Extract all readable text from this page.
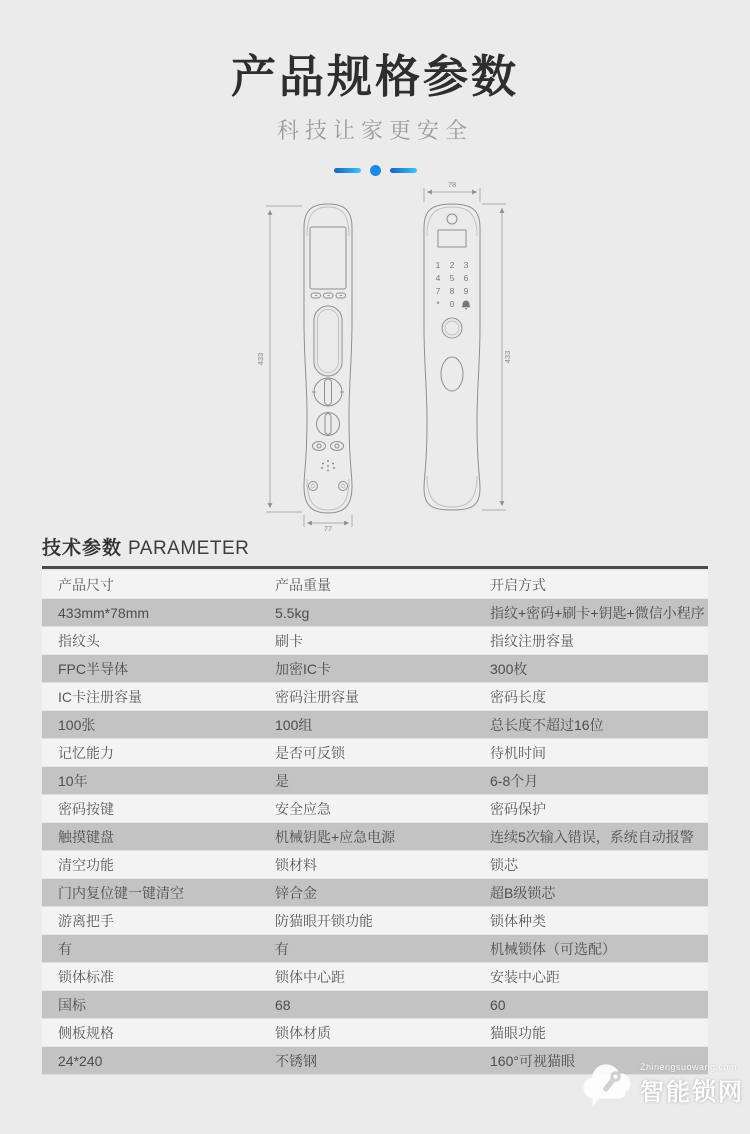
产品规格参数
科技让家更安全
1 2 3
4 5 6
7 8 9
* 0
433
77
78
433
技术参数 PARAMETER
产品尺寸	产品重量	开启方式
433mm*78mm	5.5kg	指纹+密码+刷卡+钥匙+微信小程序
指纹头	刷卡	指纹注册容量
FPC半导体	加密IC卡	300枚
IC卡注册容量	密码注册容量	密码长度
100张	100组	总长度不超过16位
记忆能力	是否可反锁	待机时间
10年	是	6-8个月
密码按键	安全应急	密码保护
触摸键盘	机械钥匙+应急电源	连续5次输入错误，系统自动报警
清空功能	锁材料	锁芯
门内复位键一键清空	锌合金	超B级锁芯
游离把手	防猫眼开锁功能	锁体种类
有	有	机械锁体（可选配）
锁体标准	锁体中心距	安装中心距
国标	68	60
侧板规格	锁体材质	猫眼功能
24*240	不锈钢	160°可视猫眼	Zhinengsuowang.com
智能锁网
